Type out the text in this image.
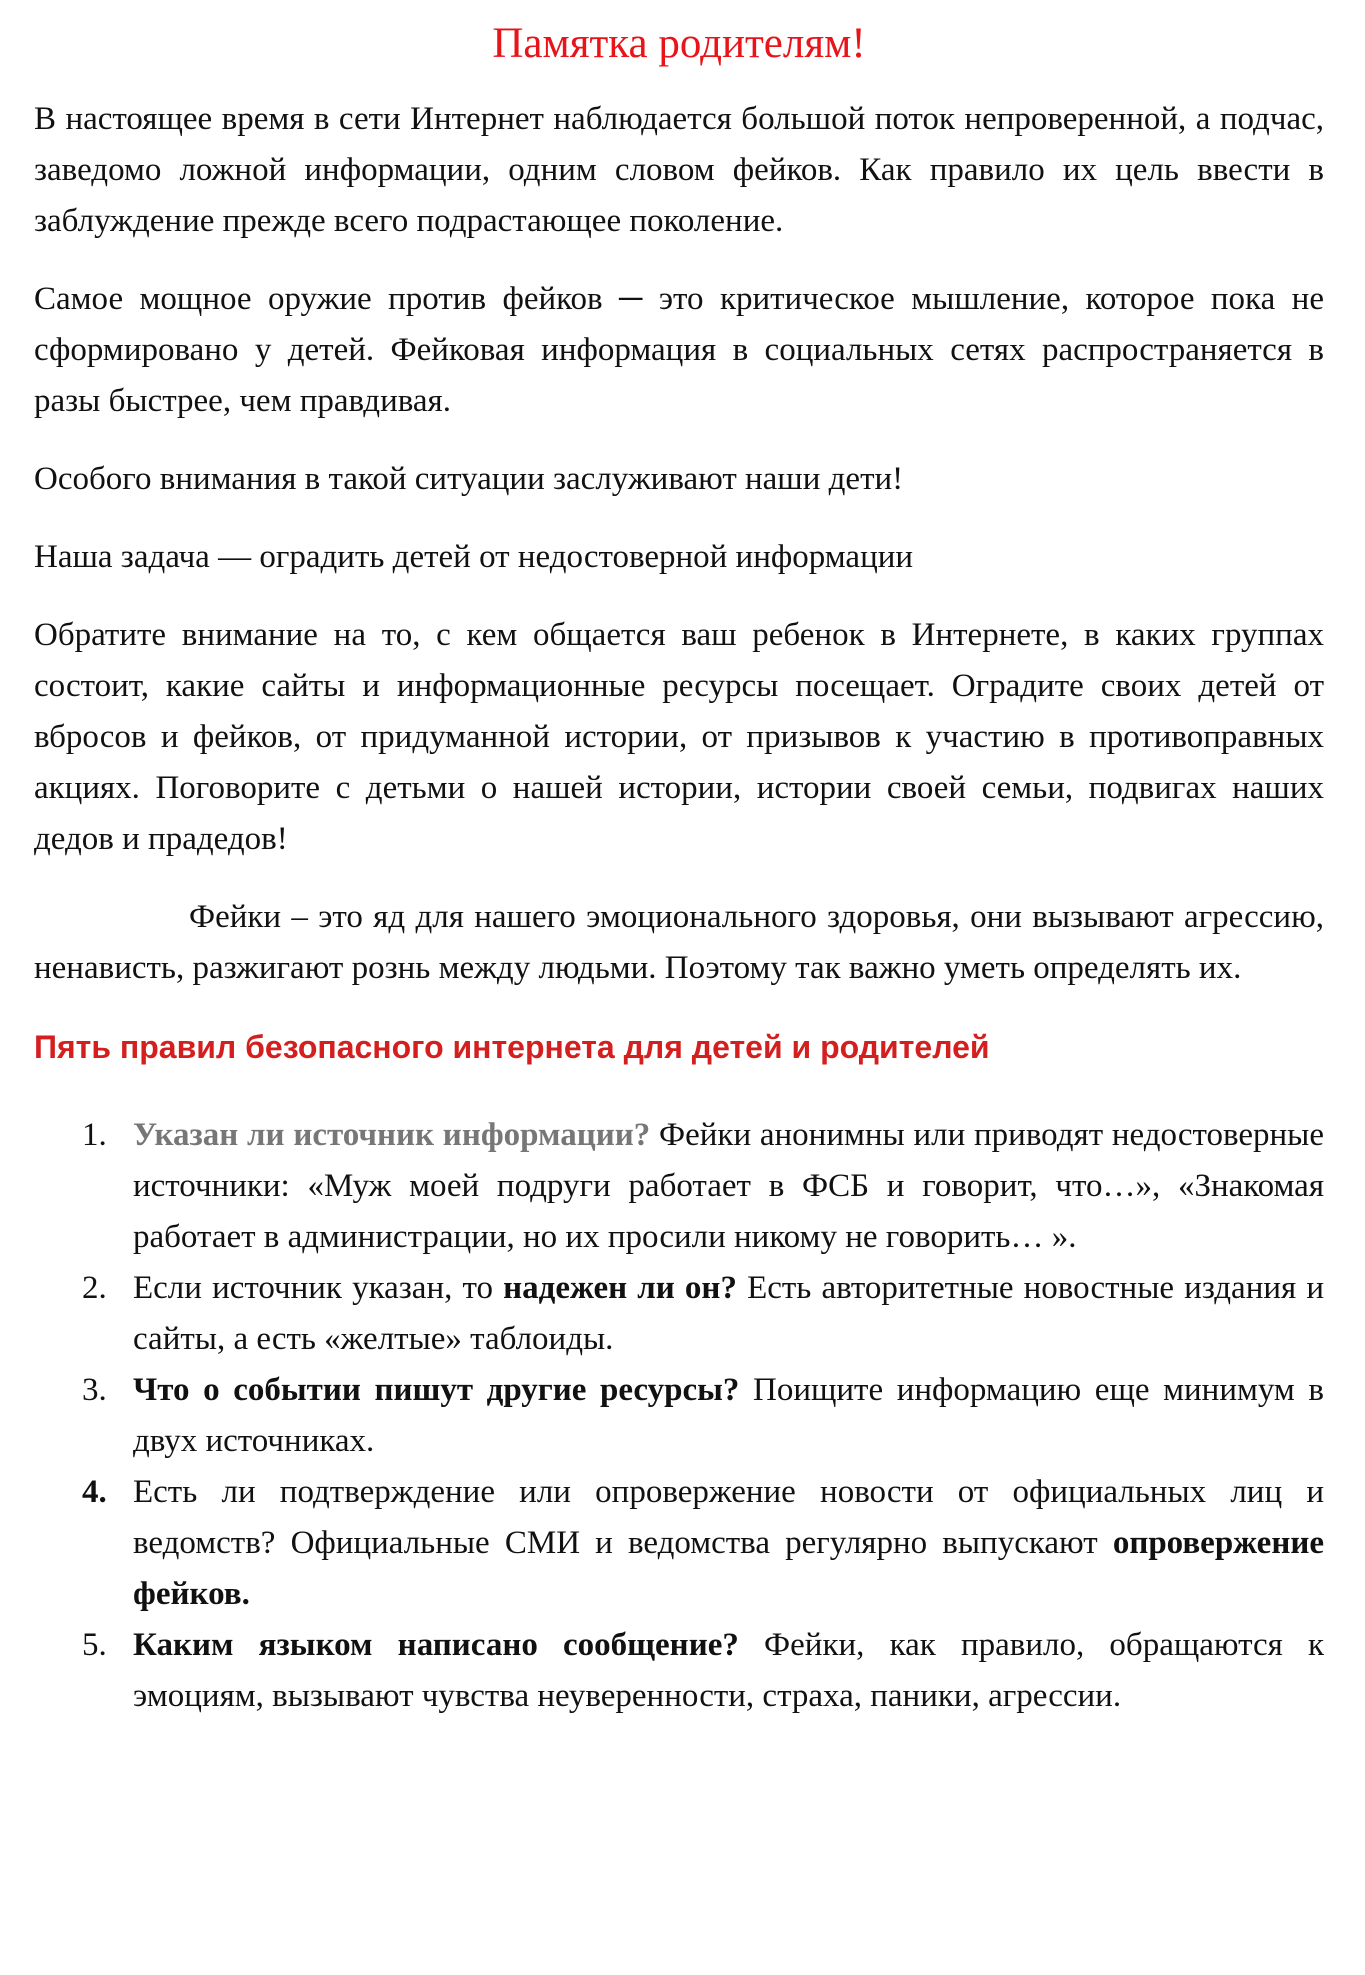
Памятка родителям!

В настоящее время в сети Интернет наблюдается большой поток непроверенной, а подчас, заведомо ложной информации, одним словом фейков. Как правило их цель ввести в заблуждение прежде всего подрастающее поколение.

Самое мощное оружие против фейков ─ это критическое мышление, которое пока не сформировано у детей. Фейковая информация в социальных сетях распространяется в разы быстрее, чем правдивая.

Особого внимания в такой ситуации заслуживают наши дети!

Наша задача — оградить детей от недостоверной информации

Обратите внимание на то, с кем общается ваш ребенок в Интернете, в каких группах состоит, какие сайты и информационные ресурсы посещает. Оградите своих детей от вбросов и фейков, от придуманной истории, от призывов к участию в противоправных акциях. Поговорите с детьми о нашей истории, истории своей семьи, подвигах наших дедов и прадедов!

Фейки – это яд для нашего эмоционального здоровья, они вызывают агрессию, ненависть, разжигают рознь между людьми. Поэтому так важно уметь определять их.

Пять правил безопасного интернета для детей и родителей
1. Указан ли источник информации? Фейки анонимны или приводят недостоверные источники: «Муж моей подруги работает в ФСБ и говорит, что…», «Знакомая работает в администрации, но их просили никому не говорить… ».
2. Если источник указан, то надежен ли он? Есть авторитетные новостные издания и сайты, а есть «желтые» таблоиды.
3. Что о событии пишут другие ресурсы? Поищите информацию еще минимум в двух источниках.
4. Есть ли подтверждение или опровержение новости от официальных лиц и ведомств? Официальные СМИ и ведомства регулярно выпускают опровержение фейков.
5. Каким языком написано сообщение? Фейки, как правило, обращаются к эмоциям, вызывают чувства неуверенности, страха, паники, агрессии.
